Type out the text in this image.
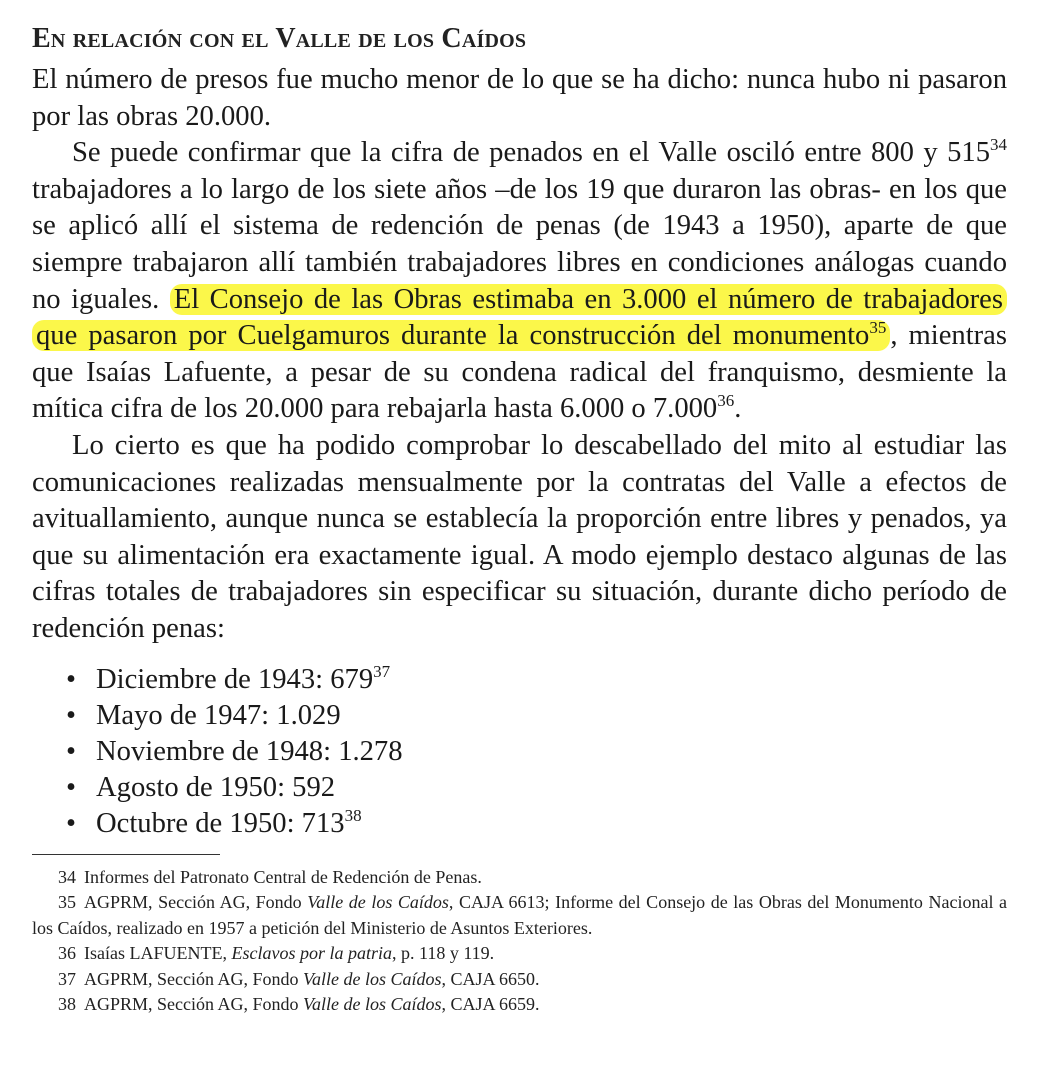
En relación con el Valle de los Caídos

El número de presos fue mucho menor de lo que se ha dicho: nunca hubo ni pasaron por las obras 20.000.

Se puede confirmar que la cifra de penados en el Valle osciló entre 800 y $515^{34}$ trabajadores a lo largo de los siete años –de los 19 que duraron las obras- en los que se aplicó allí el sistema de redención de penas (de 1943 a 1950), aparte de que siempre trabajaron allí también trabajadores libres en condiciones análogas cuando no iguales. El Consejo de las Obras estimaba en 3.000 el número de trabajadores que pasaron por Cuelgamuros durante la construcción del monumento$^{35}$ , mientras que Isaías Lafuente, a pesar de su condena radical del franquismo, desmiente la mítica cifra de los 20.000 para rebajarla hasta 6.000 o 7.000$^{36}$.

Lo cierto es que ha podido comprobar lo descabellado del mito al estudiar las comunicaciones realizadas mensualmente por la contratas del Valle a efectos de avituallamiento, aunque nunca se establecía la proporción entre libres y penados, ya que su alimentación era exactamente igual. A modo ejemplo destaco algunas de las cifras totales de trabajadores sin especificar su situación, durante dicho período de redención penas:

• Diciembre de 1943: $679^{37}$
• Mayo de 1947: 1.029
• Noviembre de 1948: 1.278
• Agosto de 1950: 592
• Octubre de 1950: $713^{38}$

34 Informes del Patronato Central de Redención de Penas.

35 AGPRM, Sección AG, Fondo Valle de los Caídos, CAJA 6613; Informe del Consejo de las Obras del Monumento Nacional a los Caídos, realizado en 1957 a petición del Ministerio de Asuntos Exteriores.

36 Isaías LAFUENTE, Esclavos por la patria, p. 118 y 119.

37 AGPRM, Sección AG, Fondo Valle de los Caídos, CAJA 6650.

38 AGPRM, Sección AG, Fondo Valle de los Caídos, CAJA 6659.
